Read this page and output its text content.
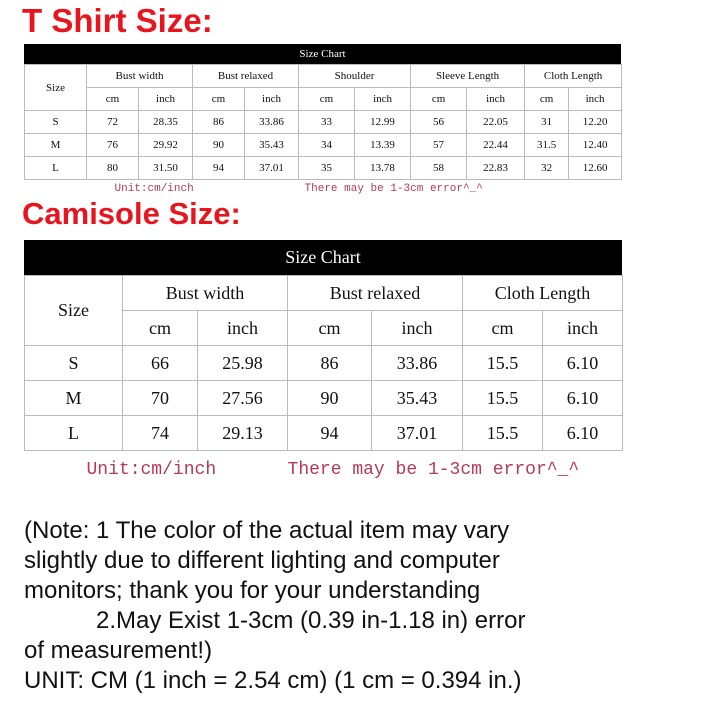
T Shirt Size:
Size Chart
Size	Bust width		Bust relaxed		Shoulder		Sleeve Length		Cloth Length	
	cm	inch	cm	inch	cm	inch	cm	inch	cm	inch
S	72	28.35	86	33.86	33	12.99	56	22.05	31	12.20
M	76	29.92	90	35.43	34	13.39	57	22.44	31.5	12.40
L	80	31.50	94	37.01	35	13.78	58	22.83	32	12.60
Unit:cm/inch					There may be 1-3cm error^_^					
Camisole Size:
Size Chart
Size	Bust width		Bust relaxed		Cloth Length	
	cm	inch	cm	inch	cm	inch
S	66	25.98	86	33.86	15.5	6.10
M	70	27.56	90	35.43	15.5	6.10
L	74	29.13	94	37.01	15.5	6.10
Unit:cm/inch			There may be 1-3cm error^_^			
(Note: 1 The color of the actual item may vary
slightly due to different lighting and computer
monitors; thank you for your understanding
2.May Exist 1-3cm (0.39 in-1.18 in) error
of measurement!)
UNIT: CM (1 inch = 2.54 cm) (1 cm = 0.394 in.)
